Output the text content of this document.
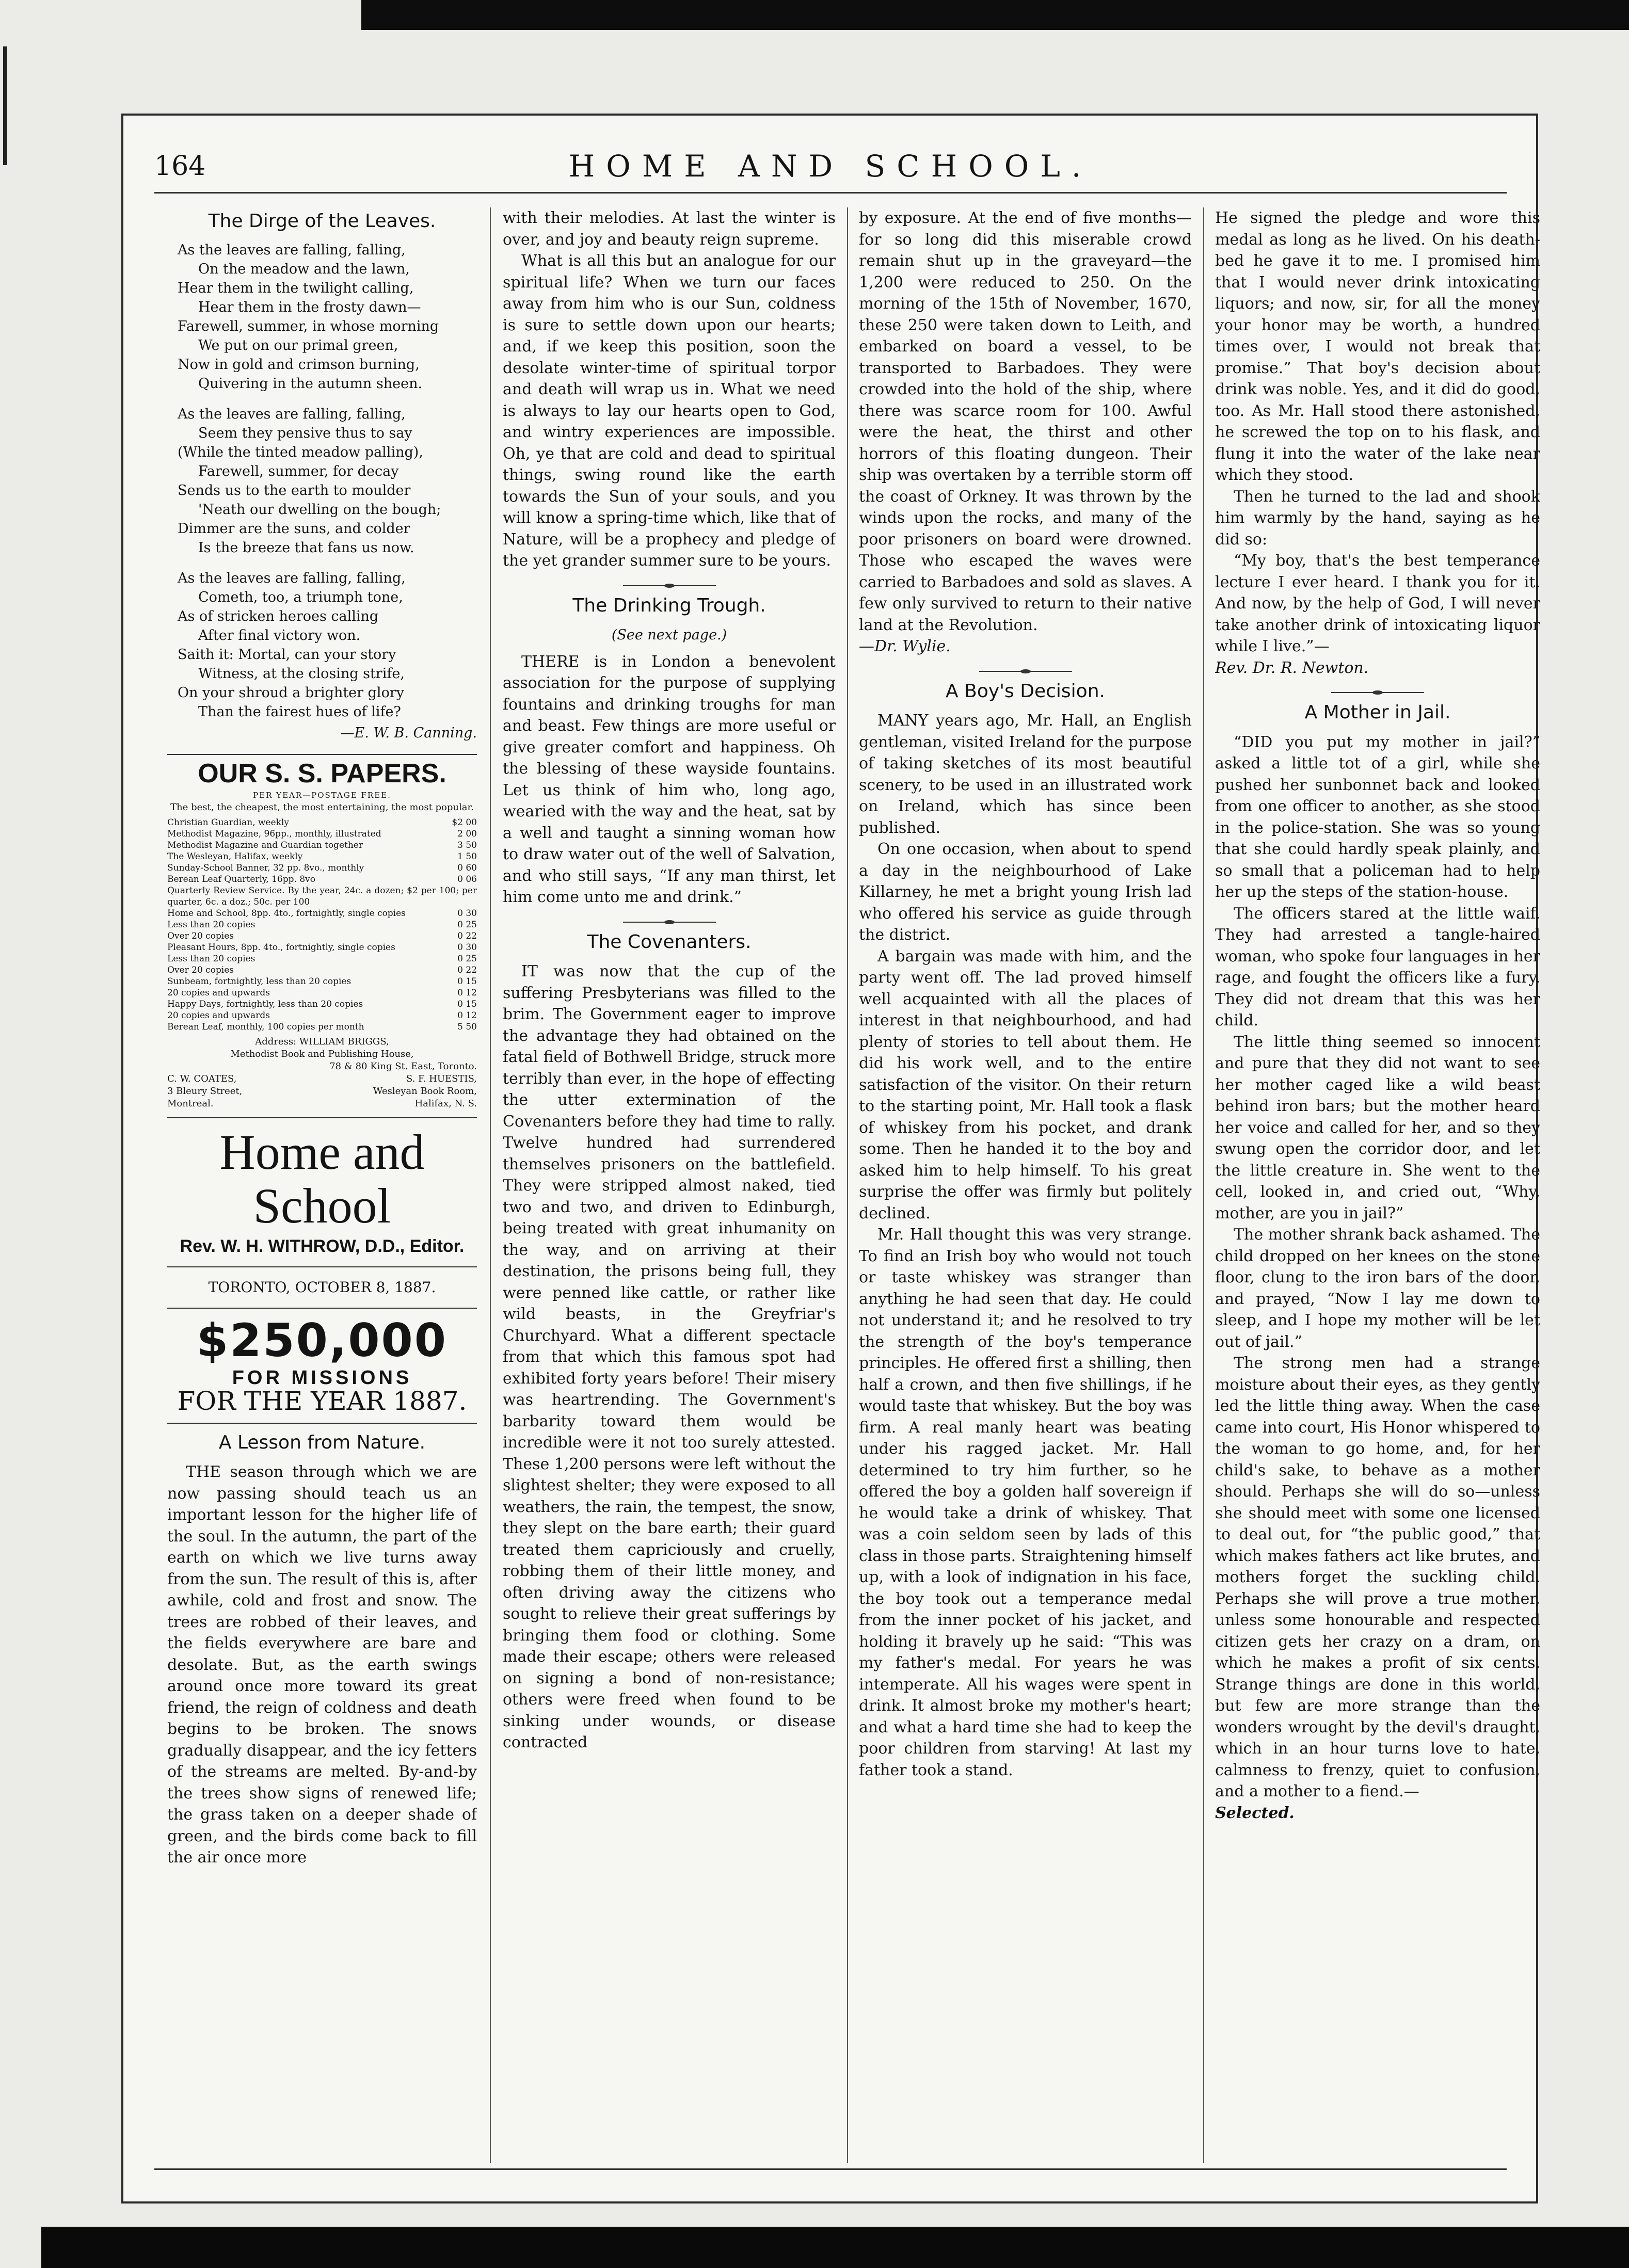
164	HOME AND SCHOOL.
The Dirge of the Leaves.
As the leaves are falling, falling,
On the meadow and the lawn,
Hear them in the twilight calling,
Hear them in the frosty dawn—
Farewell, summer, in whose morning
We put on our primal green,
Now in gold and crimson burning,
Quivering in the autumn sheen.
As the leaves are falling, falling,
Seem they pensive thus to say
(While the tinted meadow palling),
Farewell, summer, for decay
Sends us to the earth to moulder
'Neath our dwelling on the bough;
Dimmer are the suns, and colder
Is the breeze that fans us now.
As the leaves are falling, falling,
Cometh, too, a triumph tone,
As of stricken heroes calling
After final victory won.
Saith it: Mortal, can your story
Witness, at the closing strife,
On your shroud a brighter glory
Than the fairest hues of life?
—E. W. B. Canning.
OUR S. S. PAPERS.
PER YEAR—POSTAGE FREE.
The best, the cheapest, the most entertaining, the most popular.
Christian Guardian, weekly	$2 00
Methodist Magazine, 96pp., monthly, illustrated	2 00
Methodist Magazine and Guardian together	3 50
The Wesleyan, Halifax, weekly	1 50
Sunday-School Banner, 32 pp. 8vo., monthly	0 60
Berean Leaf Quarterly, 16pp. 8vo	0 06
Quarterly Review Service. By the year, 24c. a dozen; $2 per 100; per quarter, 6c. a doz.; 50c. per 100
Home and School, 8pp. 4to., fortnightly, single copies	0 30
Less than 20 copies	0 25
Over 20 copies	0 22
Pleasant Hours, 8pp. 4to., fortnightly, single copies	0 30
Less than 20 copies	0 25
Over 20 copies	0 22
Sunbeam, fortnightly, less than 20 copies	0 15
20 copies and upwards	0 12
Happy Days, fortnightly, less than 20 copies	0 15
20 copies and upwards	0 12
Berean Leaf, monthly, 100 copies per month	5 50
Address: WILLIAM BRIGGS,
Methodist Book and Publishing House,
78 & 80 King St. East, Toronto.
C. W. COATES,	S. F. HUESTIS,
3 Bleury Street,	Wesleyan Book Room,
Montreal.	Halifax, N. S.
Home and School
Rev. W. H. WITHROW, D.D., Editor.
TORONTO, OCTOBER 8, 1887.
$250,000
FOR MISSIONS
FOR THE YEAR 1887.
A Lesson from Nature.

THE season through which we are now passing should teach us an important lesson for the higher life of the soul. In the autumn, the part of the earth on which we live turns away from the sun. The result of this is, after awhile, cold and frost and snow. The trees are robbed of their leaves, and the fields everywhere are bare and desolate. But, as the earth swings around once more toward its great friend, the reign of coldness and death begins to be broken. The snows gradually disappear, and the icy fetters of the streams are melted. By-and-by the trees show signs of renewed life; the grass taken on a deeper shade of green, and the birds come back to fill the air once more

with their melodies. At last the winter is over, and joy and beauty reign supreme.

What is all this but an analogue for our spiritual life? When we turn our faces away from him who is our Sun, coldness is sure to settle down upon our hearts; and, if we keep this position, soon the desolate winter-time of spiritual torpor and death will wrap us in. What we need is always to lay our hearts open to God, and wintry experiences are impossible. Oh, ye that are cold and dead to spiritual things, swing round like the earth towards the Sun of your souls, and you will know a spring-time which, like that of Nature, will be a prophecy and pledge of the yet grander summer sure to be yours.

The Drinking Trough.
(See next page.)

THERE is in London a benevolent association for the purpose of supplying fountains and drinking troughs for man and beast. Few things are more useful or give greater comfort and happiness. Oh the blessing of these wayside fountains. Let us think of him who, long ago, wearied with the way and the heat, sat by a well and taught a sinning woman how to draw water out of the well of Salvation, and who still says, “If any man thirst, let him come unto me and drink.”

The Covenanters.

IT was now that the cup of the suffering Presbyterians was filled to the brim. The Government eager to improve the advantage they had obtained on the fatal field of Bothwell Bridge, struck more terribly than ever, in the hope of effecting the utter extermination of the Covenanters before they had time to rally. Twelve hundred had surrendered themselves prisoners on the battlefield. They were stripped almost naked, tied two and two, and driven to Edinburgh, being treated with great inhumanity on the way, and on arriving at their destination, the prisons being full, they were penned like cattle, or rather like wild beasts, in the Greyfriar's Churchyard. What a different spectacle from that which this famous spot had exhibited forty years before! Their misery was heartrending. The Government's barbarity toward them would be incredible were it not too surely attested. These 1,200 persons were left without the slightest shelter; they were exposed to all weathers, the rain, the tempest, the snow, they slept on the bare earth; their guard treated them capriciously and cruelly, robbing them of their little money, and often driving away the citizens who sought to relieve their great sufferings by bringing them food or clothing. Some made their escape; others were released on signing a bond of non-resistance; others were freed when found to be sinking under wounds, or disease contracted

by exposure. At the end of five months—for so long did this miserable crowd remain shut up in the graveyard—the 1,200 were reduced to 250. On the morning of the 15th of November, 1670, these 250 were taken down to Leith, and embarked on board a vessel, to be transported to Barbadoes. They were crowded into the hold of the ship, where there was scarce room for 100. Awful were the heat, the thirst and other horrors of this floating dungeon. Their ship was overtaken by a terrible storm off the coast of Orkney. It was thrown by the winds upon the rocks, and many of the poor prisoners on board were drowned. Those who escaped the waves were carried to Barbadoes and sold as slaves. A few only survived to return to their native land at the Revolution.

—Dr. Wylie.
A Boy's Decision.

MANY years ago, Mr. Hall, an English gentleman, visited Ireland for the purpose of taking sketches of its most beautiful scenery, to be used in an illustrated work on Ireland, which has since been published.

On one occasion, when about to spend a day in the neighbourhood of Lake Killarney, he met a bright young Irish lad who offered his service as guide through the district.

A bargain was made with him, and the party went off. The lad proved himself well acquainted with all the places of interest in that neighbourhood, and had plenty of stories to tell about them. He did his work well, and to the entire satisfaction of the visitor. On their return to the starting point, Mr. Hall took a flask of whiskey from his pocket, and drank some. Then he handed it to the boy and asked him to help himself. To his great surprise the offer was firmly but politely declined.

Mr. Hall thought this was very strange. To find an Irish boy who would not touch or taste whiskey was stranger than anything he had seen that day. He could not understand it; and he resolved to try the strength of the boy's temperance principles. He offered first a shilling, then half a crown, and then five shillings, if he would taste that whiskey. But the boy was firm. A real manly heart was beating under his ragged jacket. Mr. Hall determined to try him further, so he offered the boy a golden half sovereign if he would take a drink of whiskey. That was a coin seldom seen by lads of this class in those parts. Straightening himself up, with a look of indignation in his face, the boy took out a temperance medal from the inner pocket of his jacket, and holding it bravely up he said: “This was my father's medal. For years he was intemperate. All his wages were spent in drink. It almost broke my mother's heart; and what a hard time she had to keep the poor children from starving! At last my father took a stand.

He signed the pledge and wore this medal as long as he lived. On his death-bed he gave it to me. I promised him that I would never drink intoxicating liquors; and now, sir, for all the money your honor may be worth, a hundred times over, I would not break that promise.” That boy's decision about drink was noble. Yes, and it did do good, too. As Mr. Hall stood there astonished, he screwed the top on to his flask, and flung it into the water of the lake near which they stood.

Then he turned to the lad and shook him warmly by the hand, saying as he did so:

“My boy, that's the best temperance lecture I ever heard. I thank you for it. And now, by the help of God, I will never take another drink of intoxicating liquor while I live.”—

Rev. Dr. R. Newton.
A Mother in Jail.

“DID you put my mother in jail?” asked a little tot of a girl, while she pushed her sunbonnet back and looked from one officer to another, as she stood in the police-station. She was so young that she could hardly speak plainly, and so small that a policeman had to help her up the steps of the station-house.

The officers stared at the little waif. They had arrested a tangle-haired woman, who spoke four languages in her rage, and fought the officers like a fury. They did not dream that this was her child.

The little thing seemed so innocent and pure that they did not want to see her mother caged like a wild beast behind iron bars; but the mother heard her voice and called for her, and so they swung open the corridor door, and let the little creature in. She went to the cell, looked in, and cried out, “Why, mother, are you in jail?”

The mother shrank back ashamed. The child dropped on her knees on the stone floor, clung to the iron bars of the door, and prayed, “Now I lay me down to sleep, and I hope my mother will be let out of jail.”

The strong men had a strange moisture about their eyes, as they gently led the little thing away. When the case came into court, His Honor whispered to the woman to go home, and, for her child's sake, to behave as a mother should. Perhaps she will do so—unless she should meet with some one licensed to deal out, for “the public good,” that which makes fathers act like brutes, and mothers forget the suckling child. Perhaps she will prove a true mother, unless some honourable and respected citizen gets her crazy on a dram, on which he makes a profit of six cents. Strange things are done in this world, but few are more strange than the wonders wrought by the devil's draught, which in an hour turns love to hate, calmness to frenzy, quiet to confusion, and a mother to a fiend.—

Selected.
